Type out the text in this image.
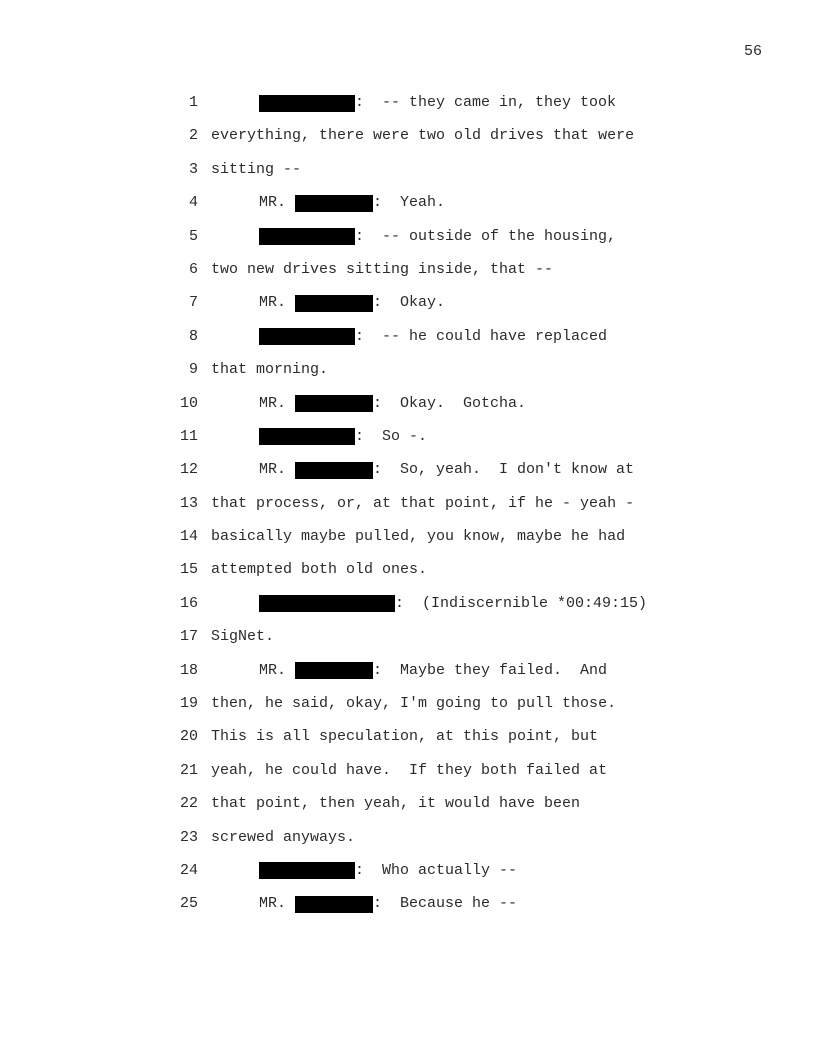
56

1

	:  -- they came in, they took

2

everything, there were two old drives that were

3

sitting --

4

	MR.	:  Yeah.

5

	:  -- outside of the housing,

6

two new drives sitting inside, that --

7

	MR.	:  Okay.

8

	:  -- he could have replaced

9

that morning.

10

	MR.	:  Okay.  Gotcha.

11

	:  So -.

12

	MR.	:  So, yeah.  I don't know at

13

that process, or, at that point, if he - yeah -

14

basically maybe pulled, you know, maybe he had

15

attempted both old ones.

16

	:  (Indiscernible *00:49:15)

17

SigNet.

18

	MR.	:  Maybe they failed.  And

19

then, he said, okay, I'm going to pull those.

20

This is all speculation, at this point, but

21

yeah, he could have.  If they both failed at

22

that point, then yeah, it would have been

23

screwed anyways.

24

	:  Who actually --

25

	MR.	:  Because he --
